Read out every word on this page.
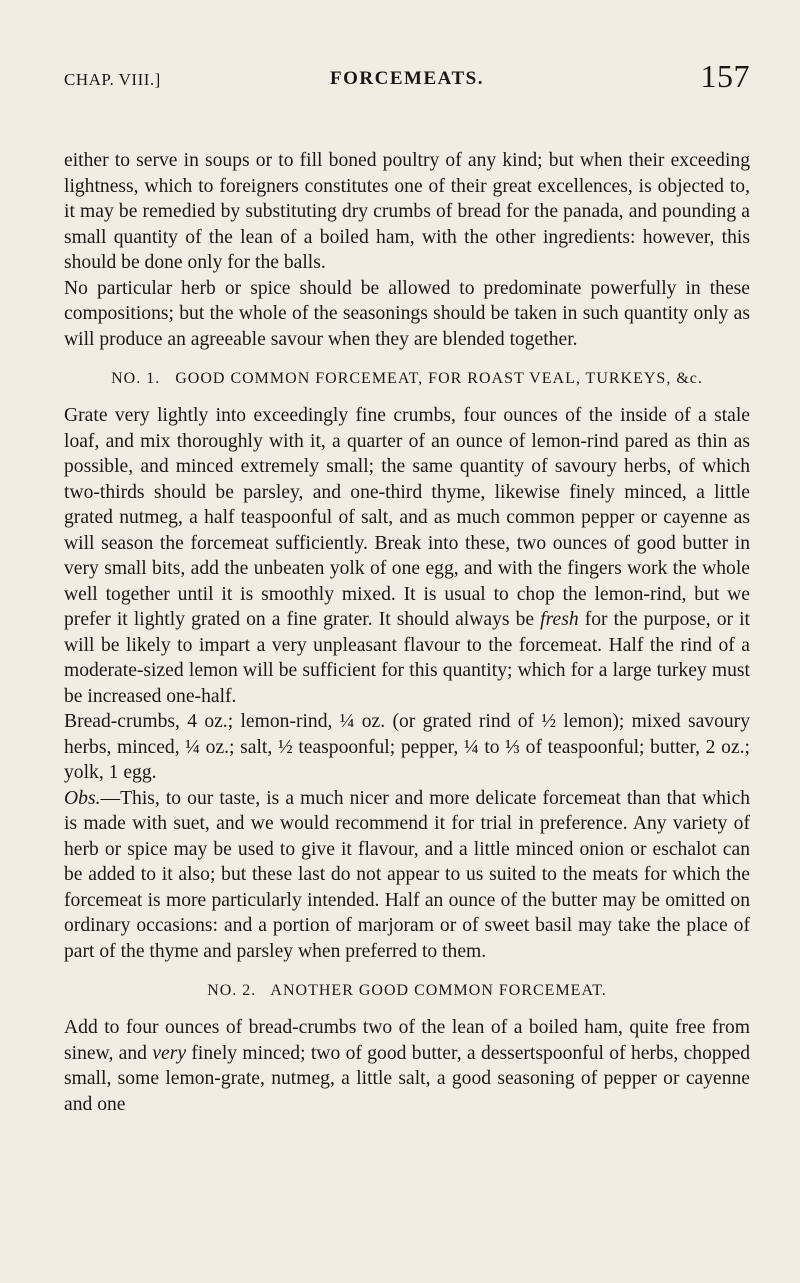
CHAP. VIII.]	FORCEMEATS.	157

either to serve in soups or to fill boned poultry of any kind; but when their exceeding lightness, which to foreigners constitutes one of their great excellences, is objected to, it may be remedied by substituting dry crumbs of bread for the panada, and pounding a small quantity of the lean of a boiled ham, with the other ingredients: however, this should be done only for the balls.

No particular herb or spice should be allowed to predominate powerfully in these compositions; but the whole of the seasonings should be taken in such quantity only as will produce an agreeable savour when they are blended together.

NO. 1. GOOD COMMON FORCEMEAT, FOR ROAST VEAL, TURKEYS, &c.

Grate very lightly into exceedingly fine crumbs, four ounces of the inside of a stale loaf, and mix thoroughly with it, a quarter of an ounce of lemon-rind pared as thin as possible, and minced extremely small; the same quantity of savoury herbs, of which two-thirds should be parsley, and one-third thyme, likewise finely minced, a little grated nutmeg, a half teaspoonful of salt, and as much common pepper or cayenne as will season the forcemeat sufficiently. Break into these, two ounces of good butter in very small bits, add the unbeaten yolk of one egg, and with the fingers work the whole well together until it is smoothly mixed. It is usual to chop the lemon-rind, but we prefer it lightly grated on a fine grater. It should always be fresh for the purpose, or it will be likely to impart a very unpleasant flavour to the forcemeat. Half the rind of a moderate-sized lemon will be sufficient for this quantity; which for a large turkey must be increased one-half.

Bread-crumbs, 4 oz.; lemon-rind, ¼ oz. (or grated rind of ½ lemon); mixed savoury herbs, minced, ¼ oz.; salt, ½ teaspoonful; pepper, ¼ to ⅓ of teaspoonful; butter, 2 oz.; yolk, 1 egg.

Obs.—This, to our taste, is a much nicer and more delicate forcemeat than that which is made with suet, and we would recommend it for trial in preference. Any variety of herb or spice may be used to give it flavour, and a little minced onion or eschalot can be added to it also; but these last do not appear to us suited to the meats for which the forcemeat is more particularly intended. Half an ounce of the butter may be omitted on ordinary occasions: and a portion of marjoram or of sweet basil may take the place of part of the thyme and parsley when preferred to them.

NO. 2. ANOTHER GOOD COMMON FORCEMEAT.

Add to four ounces of bread-crumbs two of the lean of a boiled ham, quite free from sinew, and very finely minced; two of good butter, a dessertspoonful of herbs, chopped small, some lemon-grate, nutmeg, a little salt, a good seasoning of pepper or cayenne and one
